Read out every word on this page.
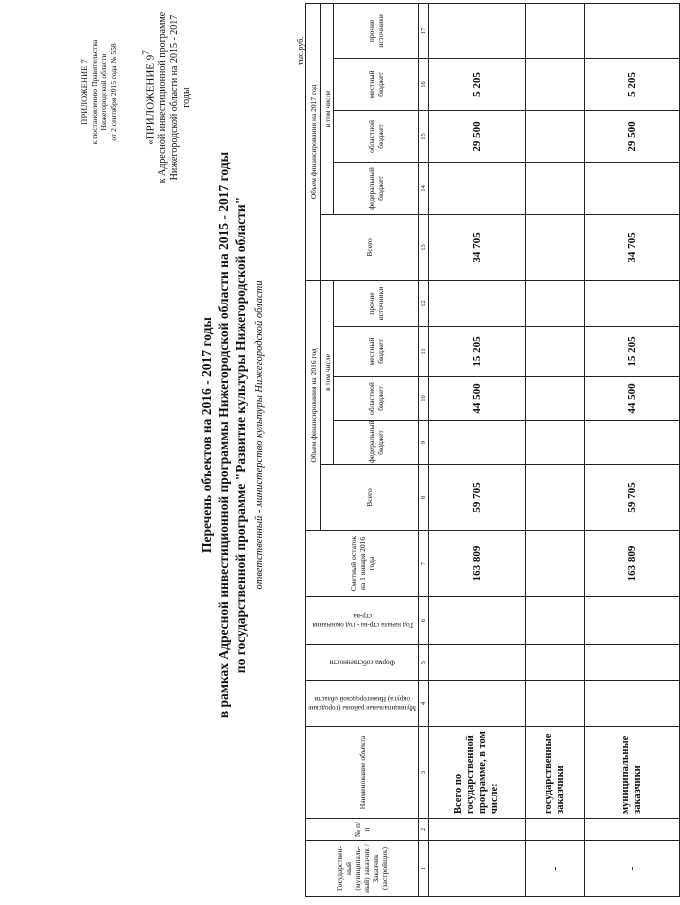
ПРИЛОЖЕНИЕ 7 к постановлению Правительства Нижегородской области от 2 сентября 2015 года № 558	«ПРИЛОЖЕНИЕ $9^7$ к Адресной инвестиционной программе Нижегородской области на 2015 - 2017 годы
Перечень объектов на 2016 - 2017 годы в рамках Адресной инвестиционной программы Нижегородской области на 2015 - 2017 годы по государственной программе "Развитие культуры Нижегородской области" ответственный - министерство культуры Нижегородской области
тыс.руб.
Государствен-ный (муниципаль-ный) заказчик / Заказчик (застройщик)	№ п/п	Наименование объекта	Муниципальные районы (городские округа) Нижегородской области	Форма собственности	Год начала стр-ва - год окончания стр-ва	Сметный остаток на 1 января 2016 года	Объем финансирования на 2016 год					Объем финансирования на 2017 год				
							Всего	в том числе				Всего	в том числе			
								федеральный бюджет	областной бюджет	местный бюджет	прочие источники		федеральный бюджет	областной бюджет	местный бюджет	прочие источники
1	2	3	4	5	6	7	8	9	10	11	12	13	14	15	16	17
		Всего по государственной программе, в том числе:				163 809	59 705		44 500	15 205		34 705		29 500	5 205	
-		государственные заказчики														
-		муниципальные заказчики				163 809	59 705		44 500	15 205		34 705		29 500	5 205	
